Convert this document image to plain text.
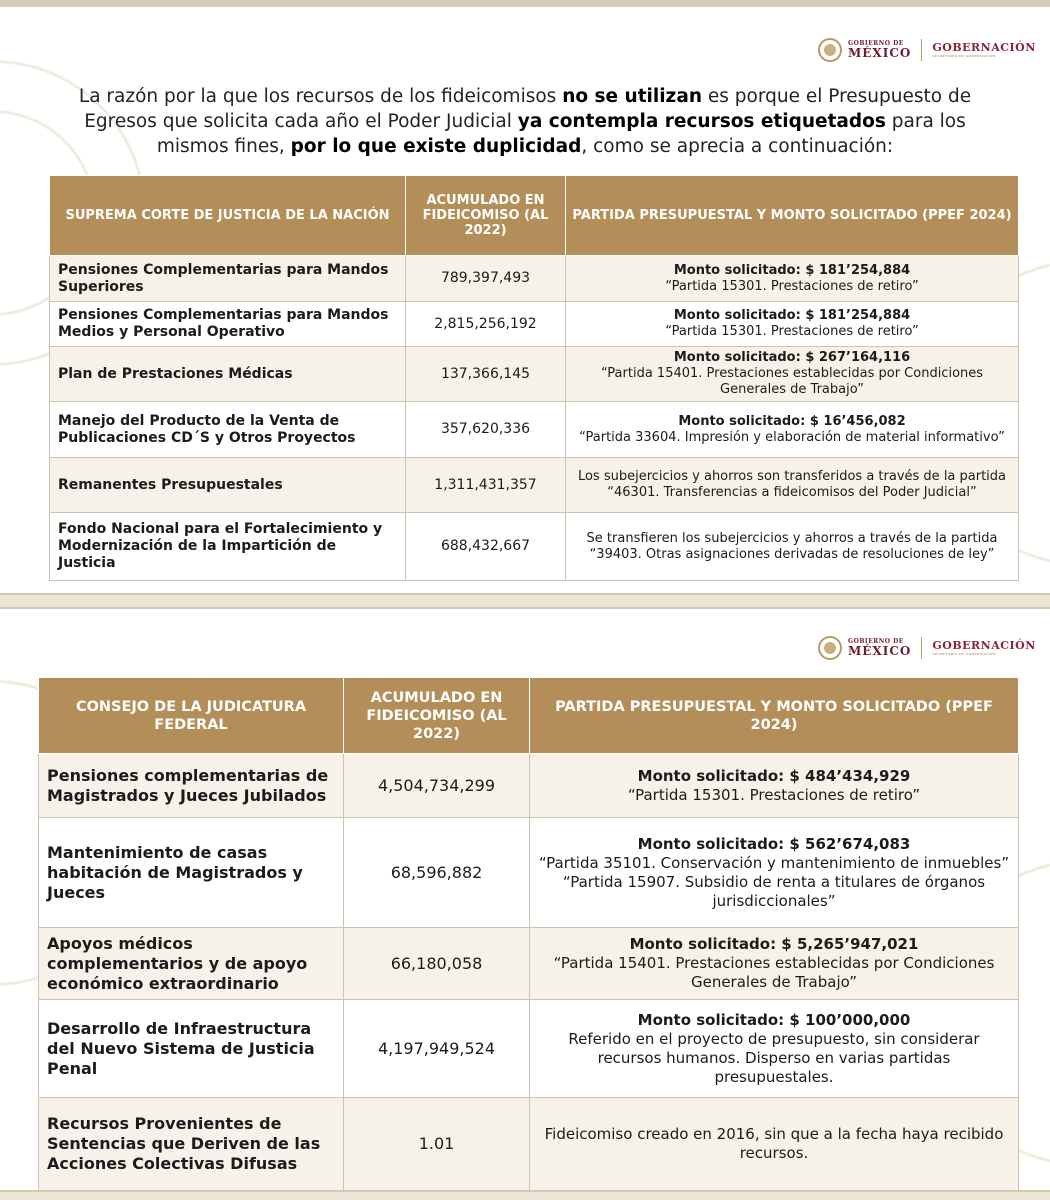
GOBIERNO DE
MÉXICO GOBERNACIÓN
SECRETARÍA DE GOBERNACIÓN
La razón por la que los recursos de los fideicomisos no se utilizan es porque el Presupuesto de Egresos que solicita cada año el Poder Judicial ya contempla recursos etiquetados para los mismos fines, por lo que existe duplicidad, como se aprecia a continuación:
SUPREMA CORTE DE JUSTICIA DE LA NACIÓN	ACUMULADO EN FIDEICOMISO (AL 2022)	PARTIDA PRESUPUESTAL Y MONTO SOLICITADO (PPEF 2024)
Pensiones Complementarias para Mandos Superiores	789,397,493	Monto solicitado: $ 181’254,884
“Partida 15301. Prestaciones de retiro”

Pensiones Complementarias para Mandos Medios y Personal Operativo	2,815,256,192	Monto solicitado: $ 181’254,884
“Partida 15301. Prestaciones de retiro”

Plan de Prestaciones Médicas	137,366,145	Monto solicitado: $ 267’164,116
“Partida 15401. Prestaciones establecidas por Condiciones Generales de Trabajo”

Manejo del Producto de la Venta de Publicaciones CD´S y Otros Proyectos	357,620,336	Monto solicitado: $ 16’456,082
“Partida 33604. Impresión y elaboración de material informativo”

Remanentes Presupuestales	1,311,431,357	Los subejercicios y ahorros son transferidos a través de la partida “46301. Transferencias a fideicomisos del Poder Judicial”

Fondo Nacional para el Fortalecimiento y Modernización de la Impartición de Justicia	688,432,667	Se transfieren los subejercicios y ahorros a través de la partida “39403. Otras asignaciones derivadas de resoluciones de ley”
GOBIERNO DE
MÉXICO GOBERNACIÓN
SECRETARÍA DE GOBERNACIÓN
CONSEJO DE LA JUDICATURA FEDERAL	ACUMULADO EN FIDEICOMISO (AL 2022)	PARTIDA PRESUPUESTAL Y MONTO SOLICITADO (PPEF 2024)
Pensiones complementarias de Magistrados y Jueces Jubilados	4,504,734,299	Monto solicitado: $ 484’434,929
“Partida 15301. Prestaciones de retiro”

Mantenimiento de casas habitación de Magistrados y Jueces	68,596,882	Monto solicitado: $ 562’674,083
“Partida 35101. Conservación y mantenimiento de inmuebles”
“Partida 15907. Subsidio de renta a titulares de órganos jurisdiccionales”

Apoyos médicos complementarios y de apoyo económico extraordinario	66,180,058	Monto solicitado: $ 5,265’947,021
“Partida 15401. Prestaciones establecidas por Condiciones Generales de Trabajo”

Desarrollo de Infraestructura del Nuevo Sistema de Justicia Penal	4,197,949,524	Monto solicitado: $ 100’000,000
Referido en el proyecto de presupuesto, sin considerar recursos humanos. Disperso en varias partidas presupuestales.

Recursos Provenientes de Sentencias que Deriven de las Acciones Colectivas Difusas	1.01	Fideicomiso creado en 2016, sin que a la fecha haya recibido recursos.
